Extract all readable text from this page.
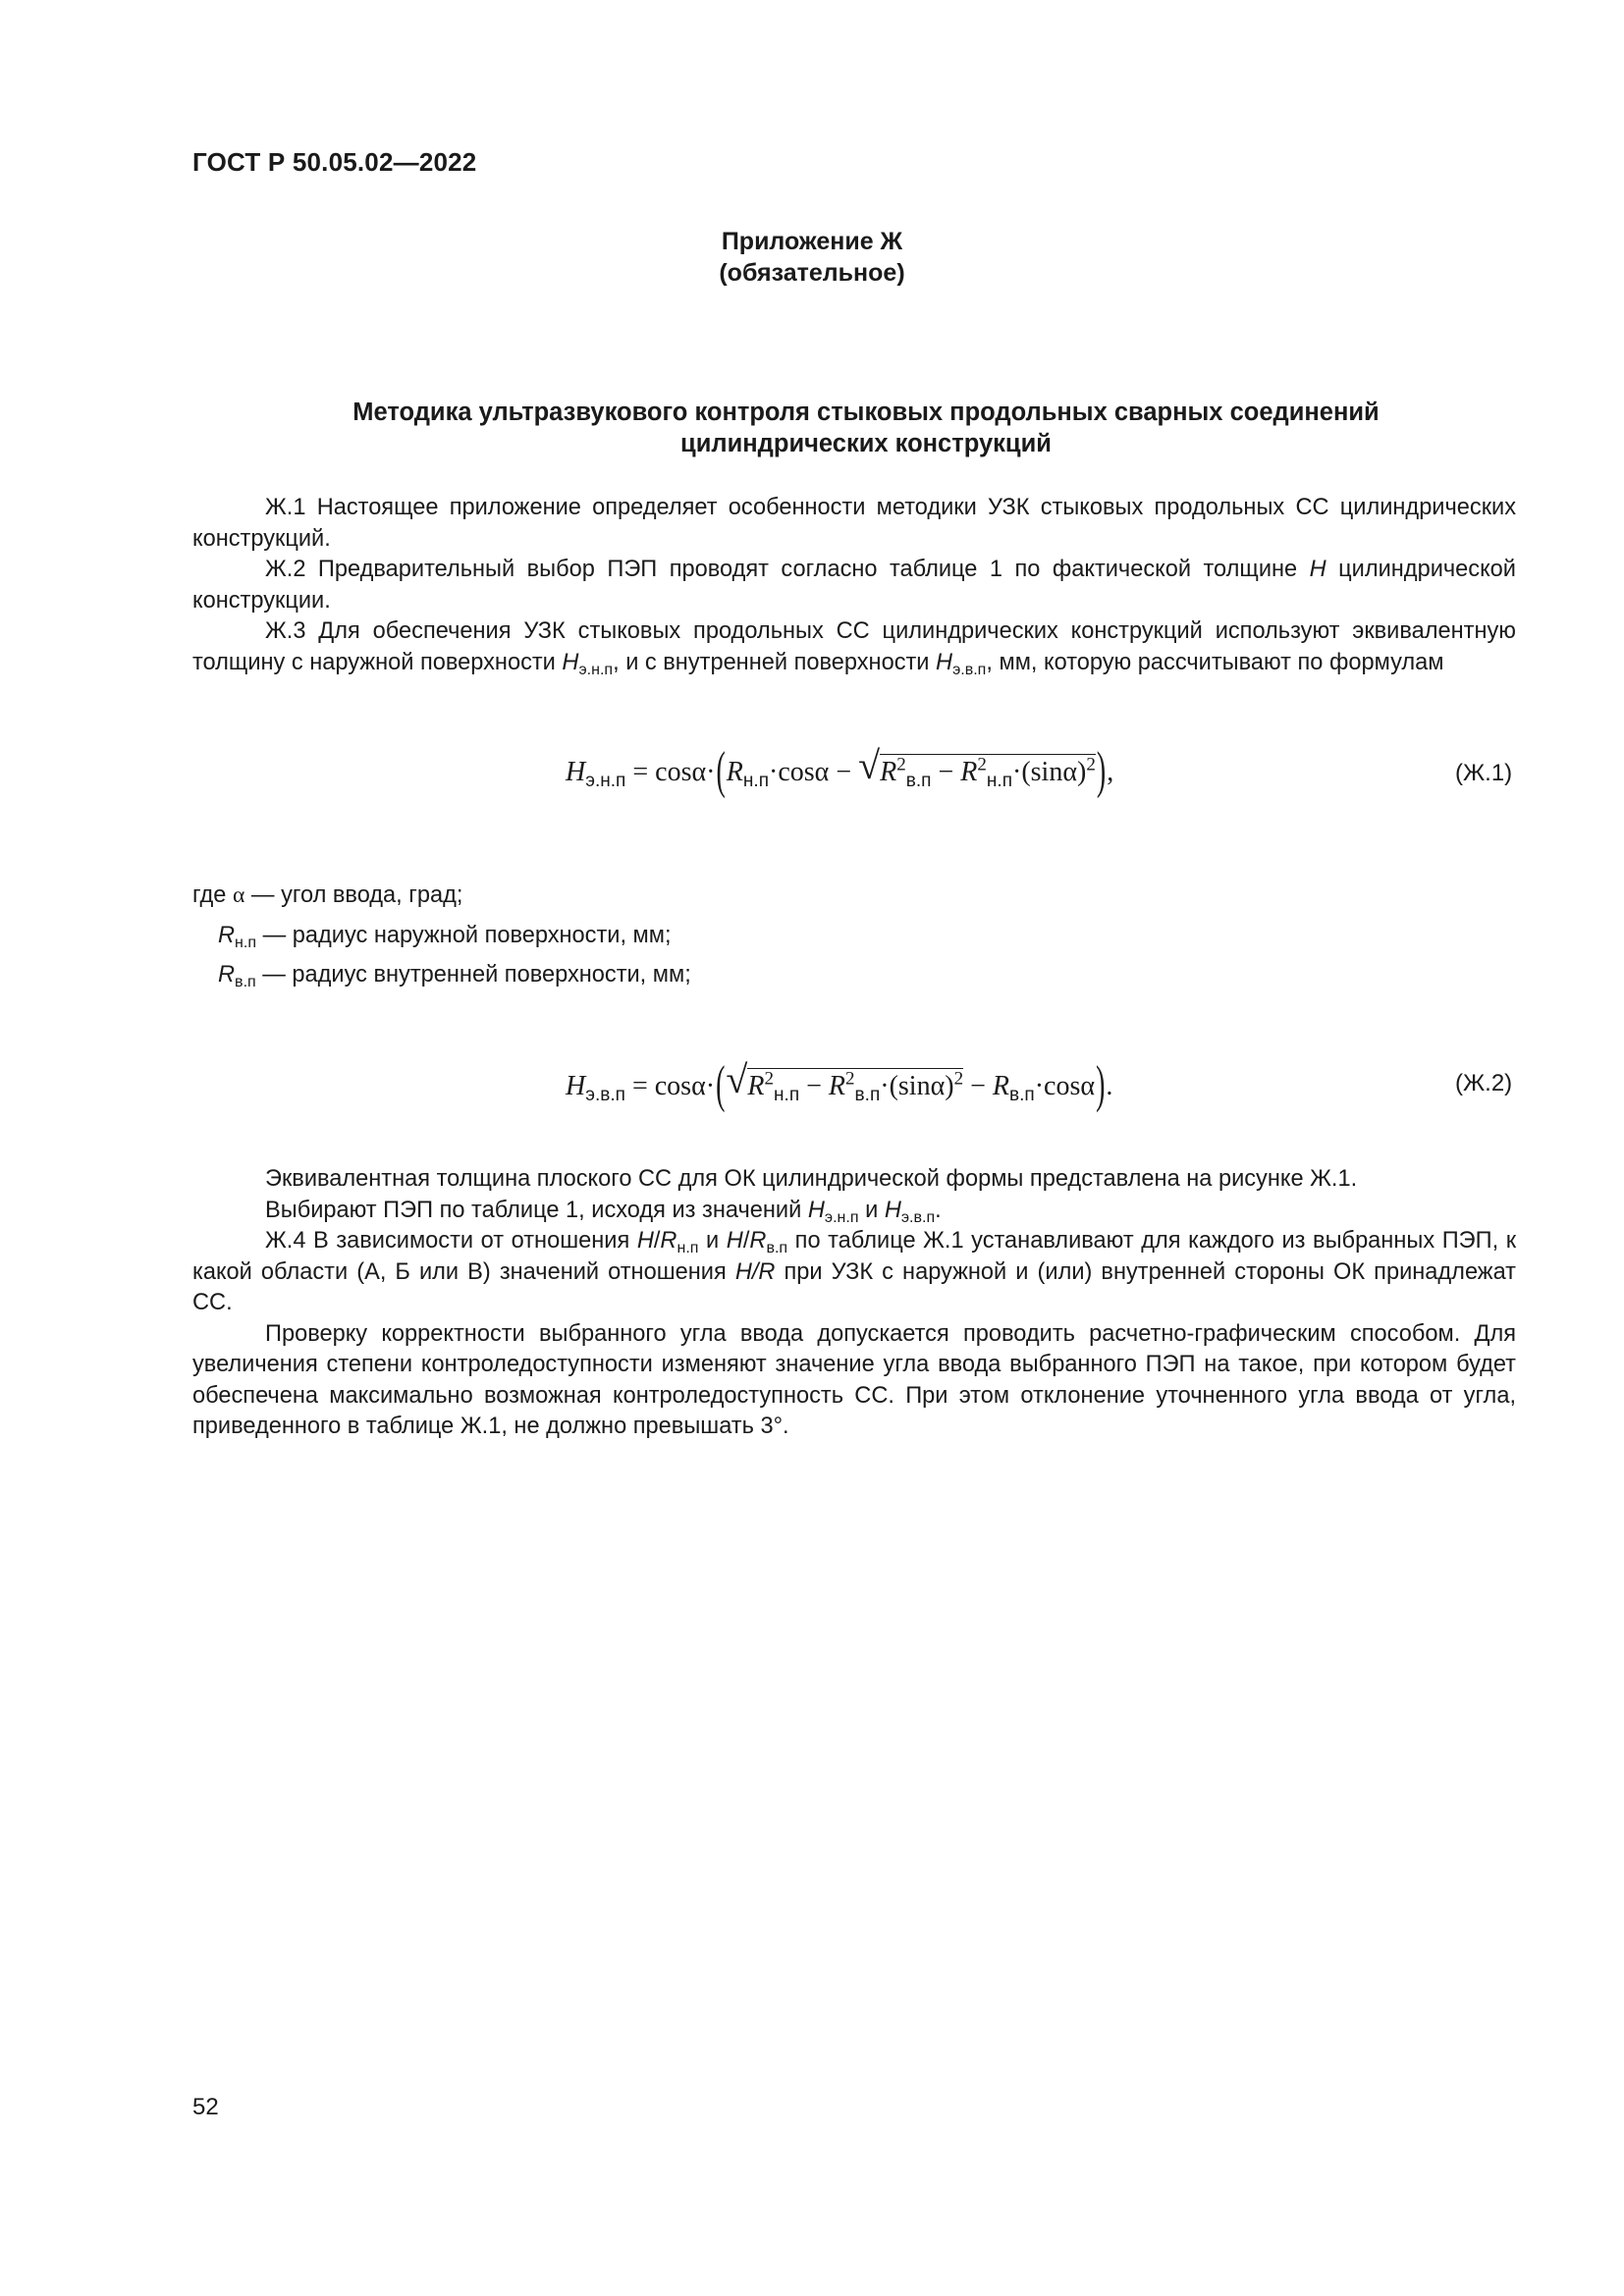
ГОСТ Р 50.05.02—2022
Приложение Ж
(обязательное)
Методика ультразвукового контроля стыковых продольных сварных соединений
цилиндрических конструкций

Ж.1 Настоящее приложение определяет особенности методики УЗК стыковых продольных СС цилиндрических конструкций.

Ж.2 Предварительный выбор ПЭП проводят согласно таблице 1 по фактической толщине H цилиндрической конструкции.

Ж.3 Для обеспечения УЗК стыковых продольных СС цилиндрических конструкций используют эквивалентную толщину с наружной поверхности $H_{э.н.п}$, и с внутренней поверхности $H_{э.в.п}$, мм, которую рассчитывают по формулам

$H_{э.н.п} = \cos\alpha\cdot(R_{н.п}\cdot\cos\alpha$ − √ $R^2_{в.п} - R^2_{н.п}\cdot(\sin\alpha)^2$),	(Ж.1)
где α — угол ввода, град;
$R_{н.п}$ — радиус наружной поверхности, мм;
$R_{в.п}$ — радиус внутренней поверхности, мм;
$H_{э.в.п} = \cos\alpha\cdot$( √ $R^2_{н.п} - R^2_{в.п}\cdot(\sin\alpha)^2 - R_{в.п}\cdot\cos\alpha$).	(Ж.2)

Эквивалентная толщина плоского СС для ОК цилиндрической формы представлена на рисунке Ж.1.

Выбирают ПЭП по таблице 1, исходя из значений $H_{э.н.п}$ и $H_{э.в.п}$.

Ж.4 В зависимости от отношения $H/R_{н.п}$ и $H/R_{в.п}$ по таблице Ж.1 устанавливают для каждого из выбранных ПЭП, к какой области (А, Б или В) значений отношения H/R при УЗК с наружной и (или) внутренней стороны ОК принадлежат СС.

Проверку корректности выбранного угла ввода допускается проводить расчетно-графическим способом. Для увеличения степени контроледоступности изменяют значение угла ввода выбранного ПЭП на такое, при котором будет обеспечена максимально возможная контроледоступность СС. При этом отклонение уточненного угла ввода от угла, приведенного в таблице Ж.1, не должно превышать 3°.

52
